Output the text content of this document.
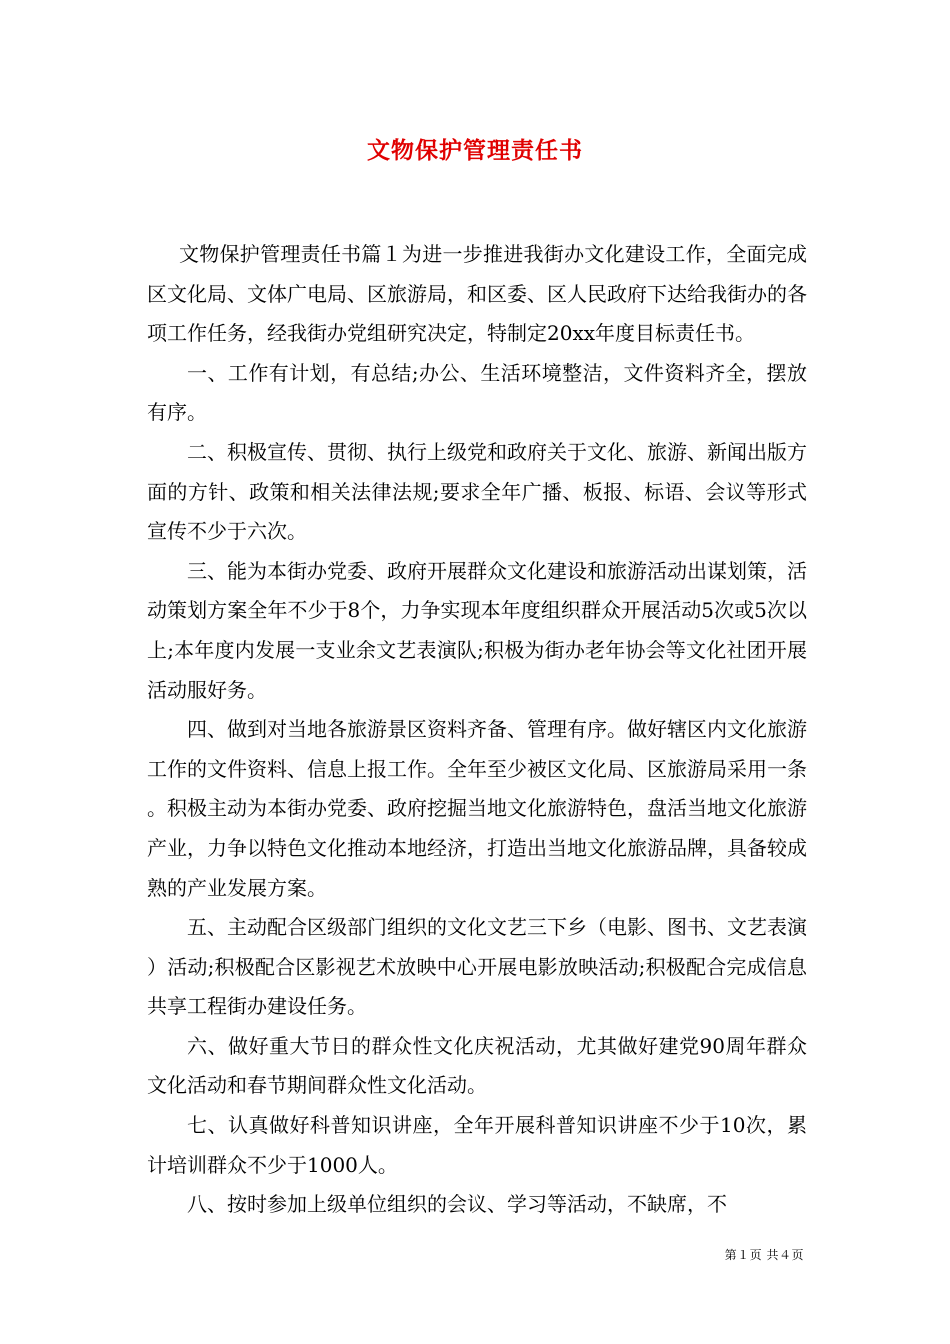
文物保护管理责任书

文物保护管理责任书篇１为进一步推进我街办文化建设工作，全面完成区文化局、文体广电局、区旅游局，和区委、区人民政府下达给我街办的各项工作任务，经我街办党组研究决定，特制定20xx年度目标责任书。

一、工作有计划，有总结;办公、生活环境整洁，文件资料齐全，摆放有序。

二、积极宣传、贯彻、执行上级党和政府关于文化、旅游、新闻出版方面的方针、政策和相关法律法规;要求全年广播、板报、标语、会议等形式宣传不少于六次。

三、能为本街办党委、政府开展群众文化建设和旅游活动出谋划策，活动策划方案全年不少于8个，力争实现本年度组织群众开展活动5次或5次以上;本年度内发展一支业余文艺表演队;积极为街办老年协会等文化社团开展活动服好务。

四、做到对当地各旅游景区资料齐备、管理有序。做好辖区内文化旅游工作的文件资料、信息上报工作。全年至少被区文化局、区旅游局采用一条。积极主动为本街办党委、政府挖掘当地文化旅游特色，盘活当地文化旅游产业，力争以特色文化推动本地经济，打造出当地文化旅游品牌，具备较成熟的产业发展方案。

五、主动配合区级部门组织的文化文艺三下乡（电影、图书、文艺表演）活动;积极配合区影视艺术放映中心开展电影放映活动;积极配合完成信息共享工程街办建设任务。

六、做好重大节日的群众性文化庆祝活动，尤其做好建党90周年群众文化活动和春节期间群众性文化活动。

七、认真做好科普知识讲座，全年开展科普知识讲座不少于10次，累计培训群众不少于1000人。

八、按时参加上级单位组织的会议、学习等活动，不缺席，不

第１页 共４页
